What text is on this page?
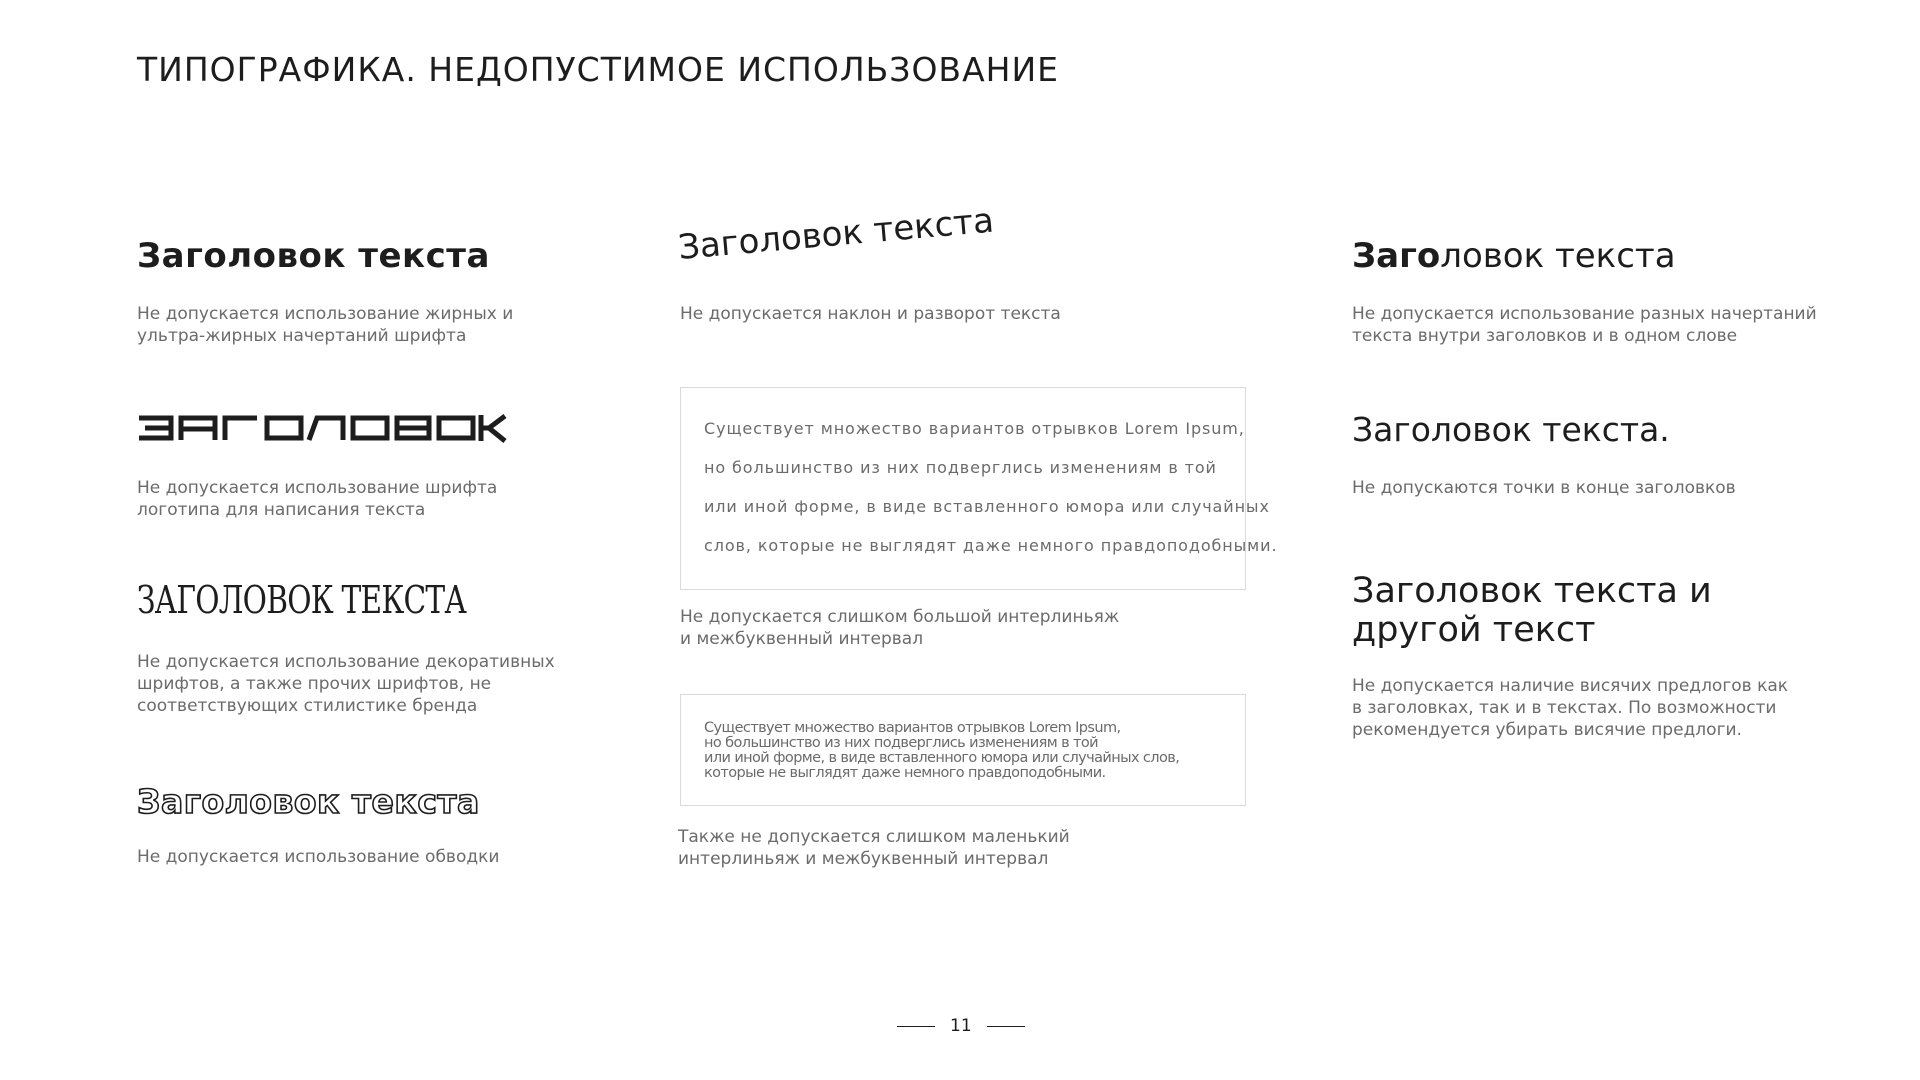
ТИПОГРАФИКА. НЕДОПУСТИМОЕ ИСПОЛЬЗОВАНИЕ
Заголовок текста
Не допускается использование жирных и ультра-жирных начертаний шрифта
Не допускается использование шрифта логотипа для написания текста
ЗАГОЛОВОК ТЕКСТА
Не допускается использование декоративных шрифтов, а также прочих шрифтов, не соответствующих стилистике бренда
Заголовок текста
Не допускается использование обводки
Заголовок текста
Не допускается наклон и разворот текста

Существует множество вариантов отрывков Lorem Ipsum,

но большинство из них подверглись изменениям в той

или иной форме, в виде вставленного юмора или случайных

слов, которые не выглядят даже немного правдоподобными.

Не допускается слишком большой интерлиньяж
и межбуквенный интервал

Существует множество вариантов отрывков Lorem Ipsum,

но большинство из них подверглись изменениям в той

или иной форме, в виде вставленного юмора или случайных слов,

которые не выглядят даже немного правдоподобными.

Также не допускается слишком маленький
интерлиньяж и межбуквенный интервал
Заголовок текста
Не допускается использование разных начертаний
текста внутри заголовков и в одном слове
Заголовок текста.
Не допускаются точки в конце заголовков
Заголовок текста и
другой текст
Не допускается наличие висячих предлогов как
в заголовках, так и в текстах. По возможности
рекомендуется убирать висячие предлоги.
11
